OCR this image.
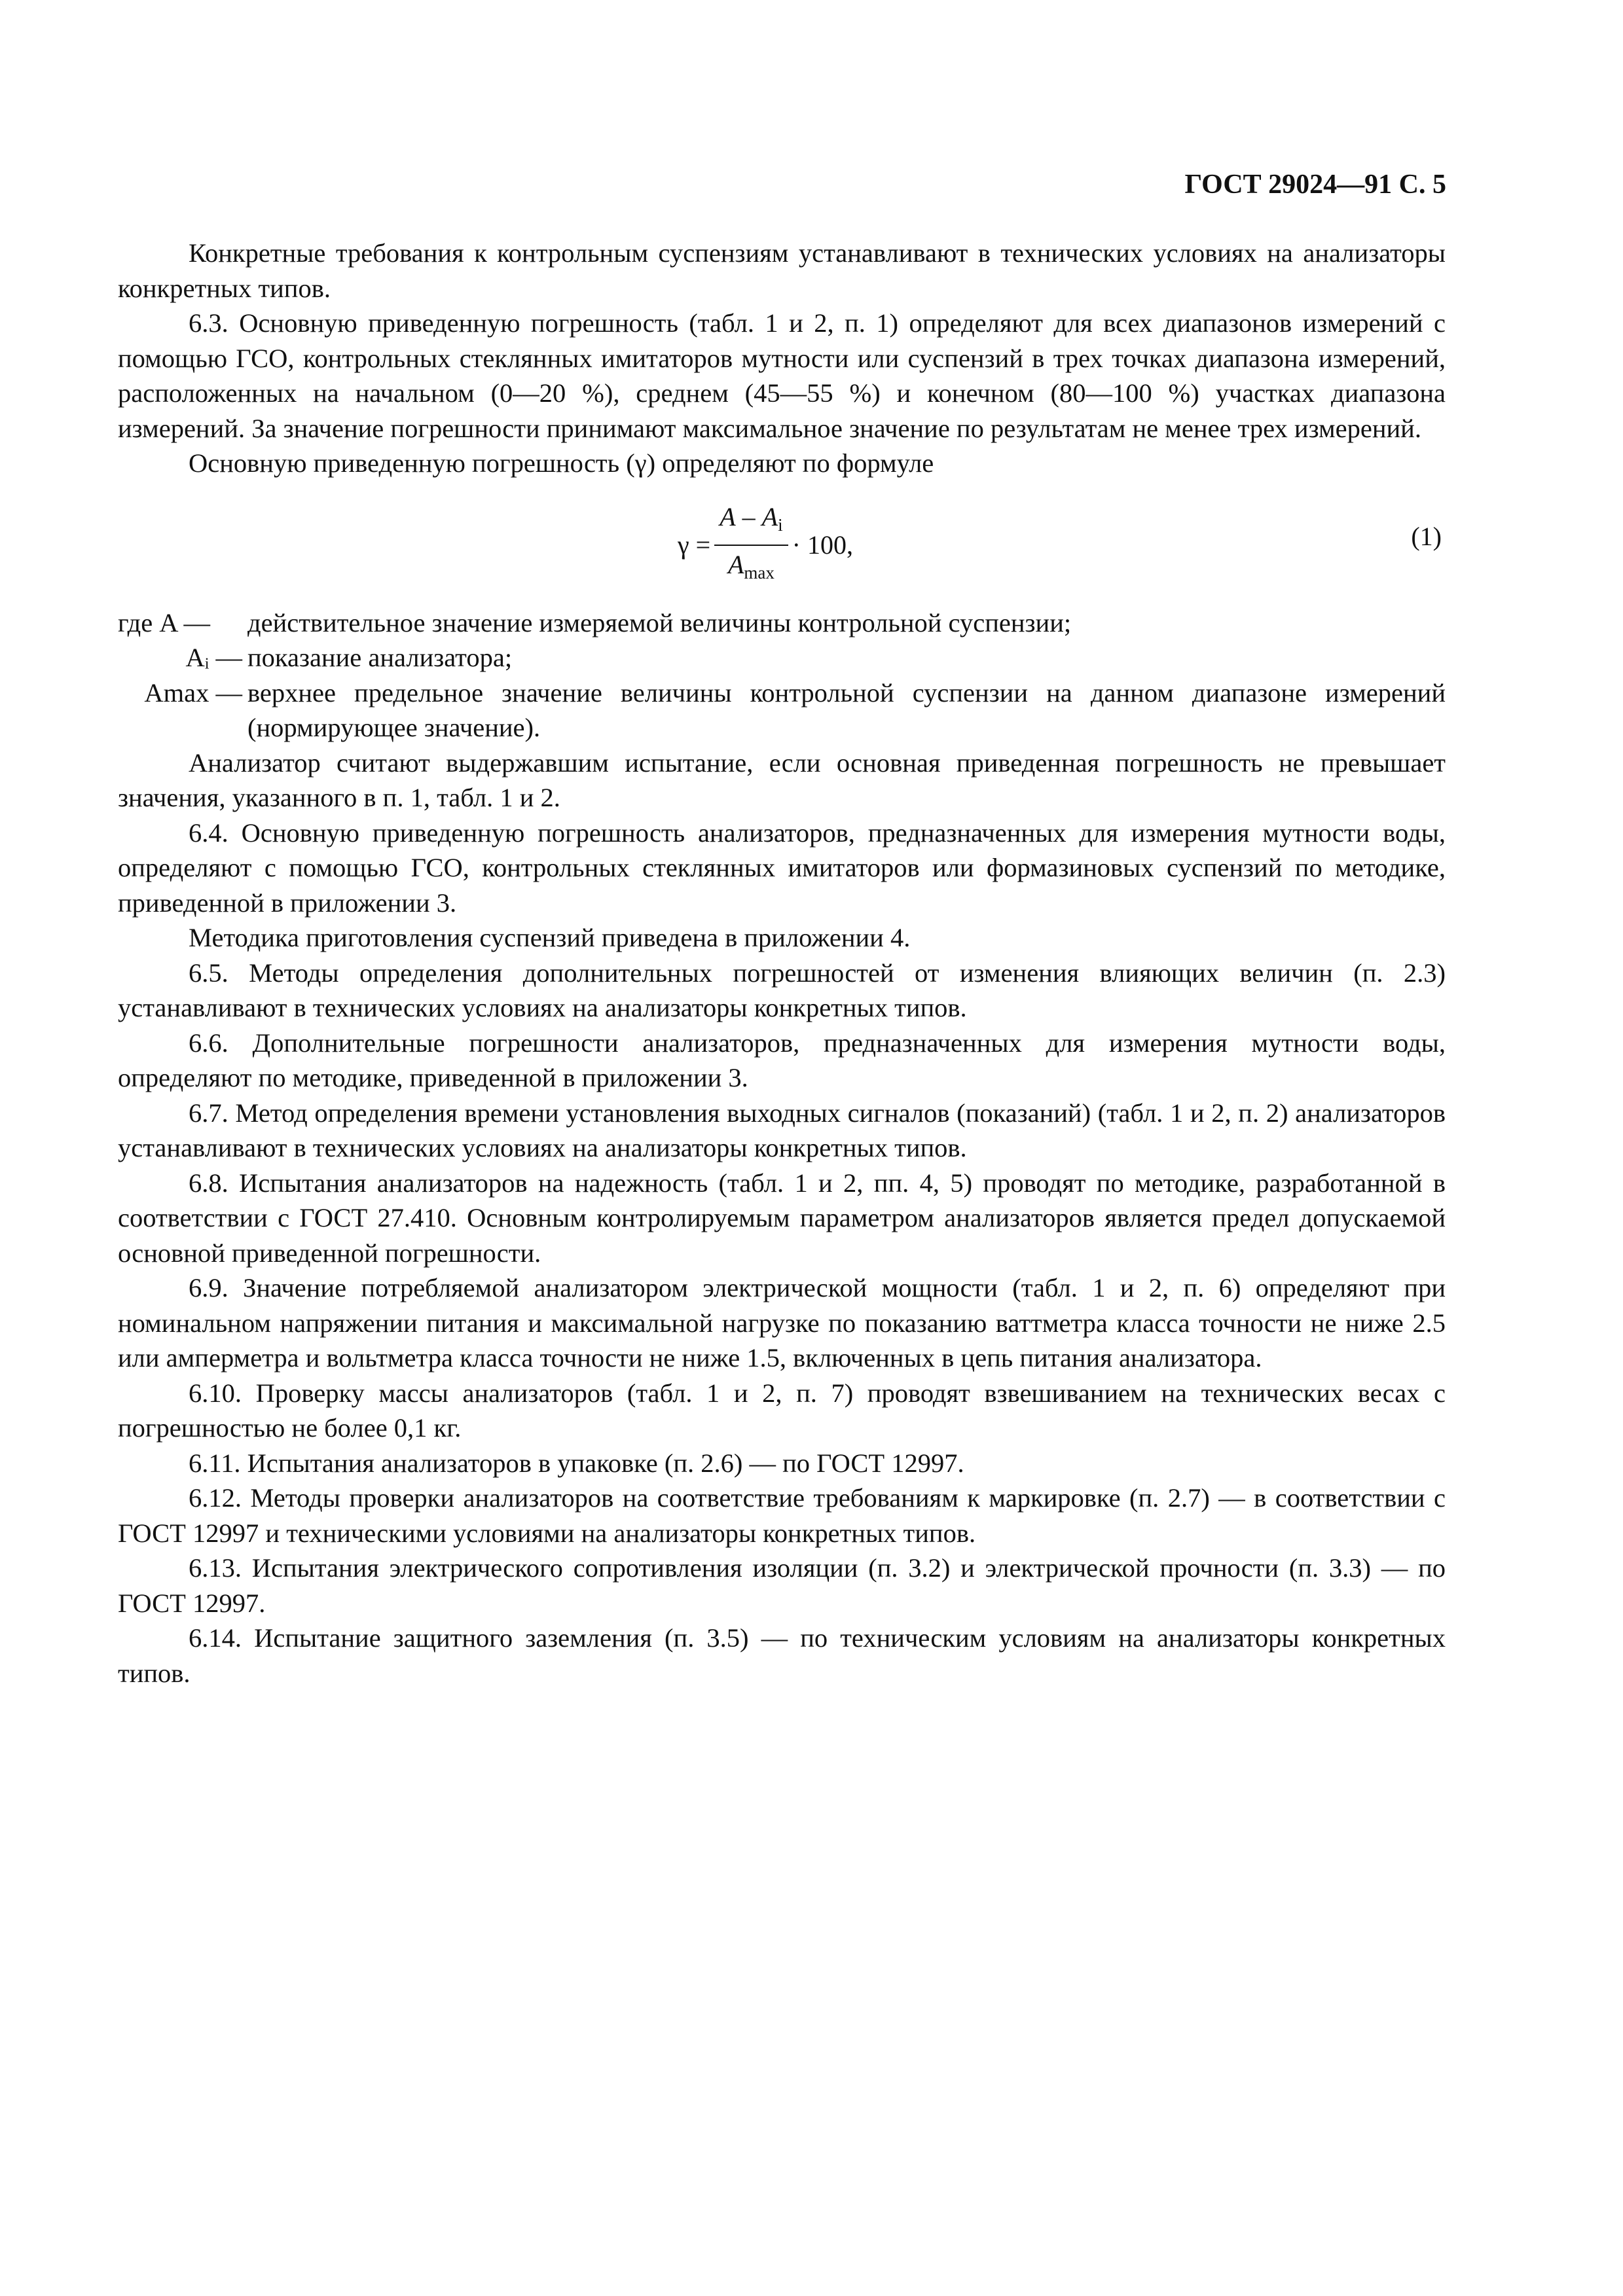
ГОСТ 29024—91 С. 5

Конкретные требования к контрольным суспензиям устанавливают в технических условиях на анализаторы конкретных типов.

6.3. Основную приведенную погрешность (табл. 1 и 2, п. 1) определяют для всех диапазонов измерений с помощью ГСО, контрольных стеклянных имитаторов мутности или суспензий в трех точках диапазона измерений, расположенных на начальном (0—20 %), среднем (45—55 %) и конечном (80—100 %) участках диапазона измерений. За значение погрешности принимают максимальное значение по результатам не менее трех измерений.

Основную приведенную погрешность (γ) определяют по формуле

$\gamma = \frac{A - A_i}{A_{max}} \cdot 100$,	(1)
где A —	действительное значение измеряемой величины контрольной суспензии;
Aᵢ — показание анализатора;
Amax — верхнее предельное значение величины контрольной суспензии на данном диапазоне измерений (нормирующее значение).

Анализатор считают выдержавшим испытание, если основная приведенная погрешность не превышает значения, указанного в п. 1, табл. 1 и 2.

6.4. Основную приведенную погрешность анализаторов, предназначенных для измерения мутности воды, определяют с помощью ГСО, контрольных стеклянных имитаторов или формазиновых суспензий по методике, приведенной в приложении 3.

Методика приготовления суспензий приведена в приложении 4.

6.5. Методы определения дополнительных погрешностей от изменения влияющих величин (п. 2.3) устанавливают в технических условиях на анализаторы конкретных типов.

6.6. Дополнительные погрешности анализаторов, предназначенных для измерения мутности воды, определяют по методике, приведенной в приложении 3.

6.7. Метод определения времени установления выходных сигналов (показаний) (табл. 1 и 2, п. 2) анализаторов устанавливают в технических условиях на анализаторы конкретных типов.

6.8. Испытания анализаторов на надежность (табл. 1 и 2, пп. 4, 5) проводят по методике, разработанной в соответствии с ГОСТ 27.410. Основным контролируемым параметром анализаторов является предел допускаемой основной приведенной погрешности.

6.9. Значение потребляемой анализатором электрической мощности (табл. 1 и 2, п. 6) определяют при номинальном напряжении питания и максимальной нагрузке по показанию ваттметра класса точности не ниже 2.5 или амперметра и вольтметра класса точности не ниже 1.5, включенных в цепь питания анализатора.

6.10. Проверку массы анализаторов (табл. 1 и 2, п. 7) проводят взвешиванием на технических весах с погрешностью не более 0,1 кг.

6.11. Испытания анализаторов в упаковке (п. 2.6) — по ГОСТ 12997.

6.12. Методы проверки анализаторов на соответствие требованиям к маркировке (п. 2.7) — в соответствии с ГОСТ 12997 и техническими условиями на анализаторы конкретных типов.

6.13. Испытания электрического сопротивления изоляции (п. 3.2) и электрической прочности (п. 3.3) — по ГОСТ 12997.

6.14. Испытание защитного заземления (п. 3.5) — по техническим условиям на анализаторы конкретных типов.
